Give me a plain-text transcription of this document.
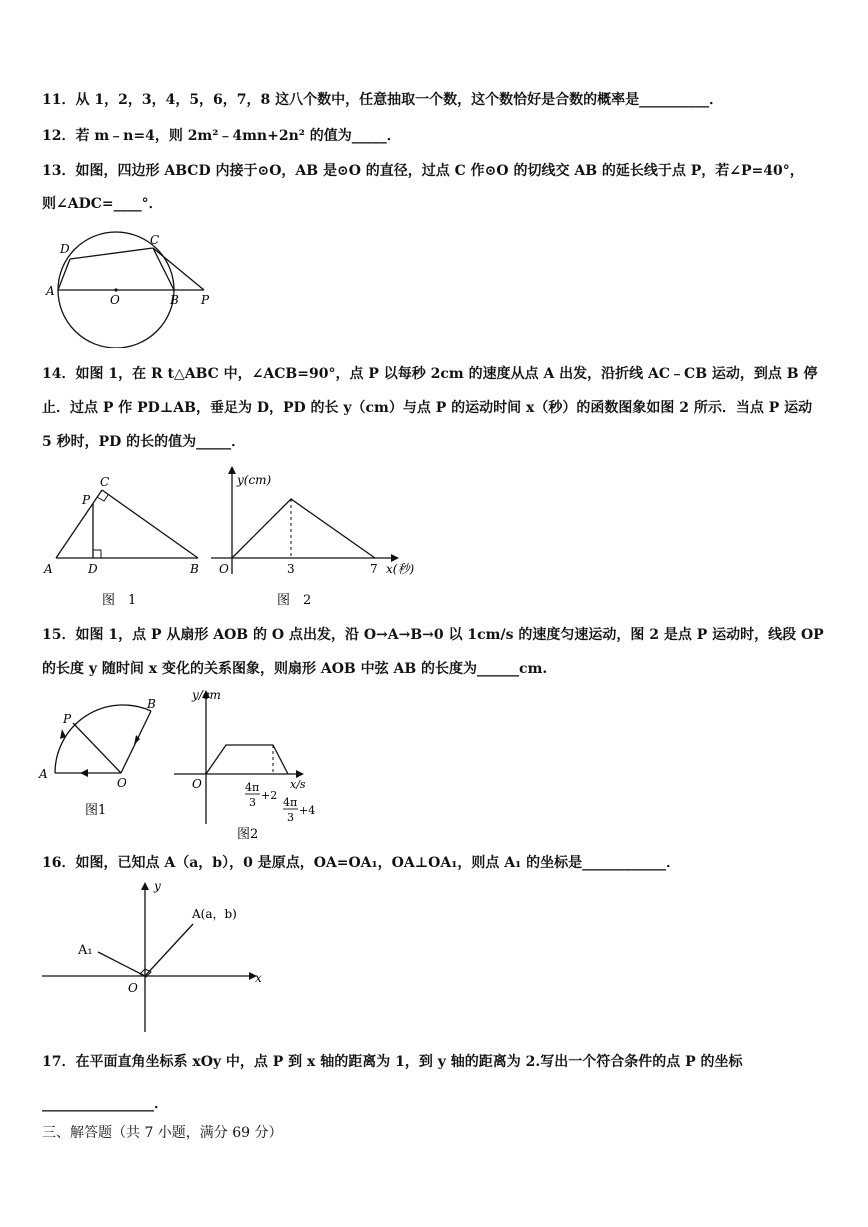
11．从 1，2，3，4，5，6，7，8 这八个数中，任意抽取一个数，这个数恰好是合数的概率是__________．
12．若 m﹣n=4，则 2m²﹣4mn+2n² 的值为_____．
13．如图，四边形 ABCD 内接于⊙O，AB 是⊙O 的直径，过点 C 作⊙O 的切线交 AB 的延长线于点 P，若∠P=40°，
则∠ADC=____°．
A
D
C
O	B P
14．如图 1，在 R t△ABC 中，∠ACB=90°，点 P 以每秒 2cm 的速度从点 A 出发，沿折线 AC﹣CB 运动，到点 B 停
止．过点 P 作 PD⊥AB，垂足为 D，PD 的长 y（cm）与点 P 的运动时间 x（秒）的函数图象如图 2 所示．当点 P 运动
5 秒时，PD 的长的值为_____．
A	D	B
C
P
图　1
y(cm)
O	3	7 x(秒)
图　2
15．如图 1，点 P 从扇形 AOB 的 O 点出发，沿 O→A→B→0 以 1cm/s 的速度匀速运动，图 2 是点 P 运动时，线段 OP
的长度 y 随时间 x 变化的关系图象，则扇形 AOB 中弦 AB 的长度为______cm.
A
P
B
O
图1
y/cm
O	x/s
4π
3
+2
4π
3
+4
图2
16．如图，已知点 A（a，b），0 是原点，OA=OA₁，OA⊥OA₁，则点 A₁ 的坐标是____________．
y
x
O
A(a，b)
A₁
17．在平面直角坐标系 xOy 中，点 P 到 x 轴的距离为 1，到 y 轴的距离为 2.写出一个符合条件的点 P 的坐标
________________．
三、解答题（共 7 小题，满分 69 分）
